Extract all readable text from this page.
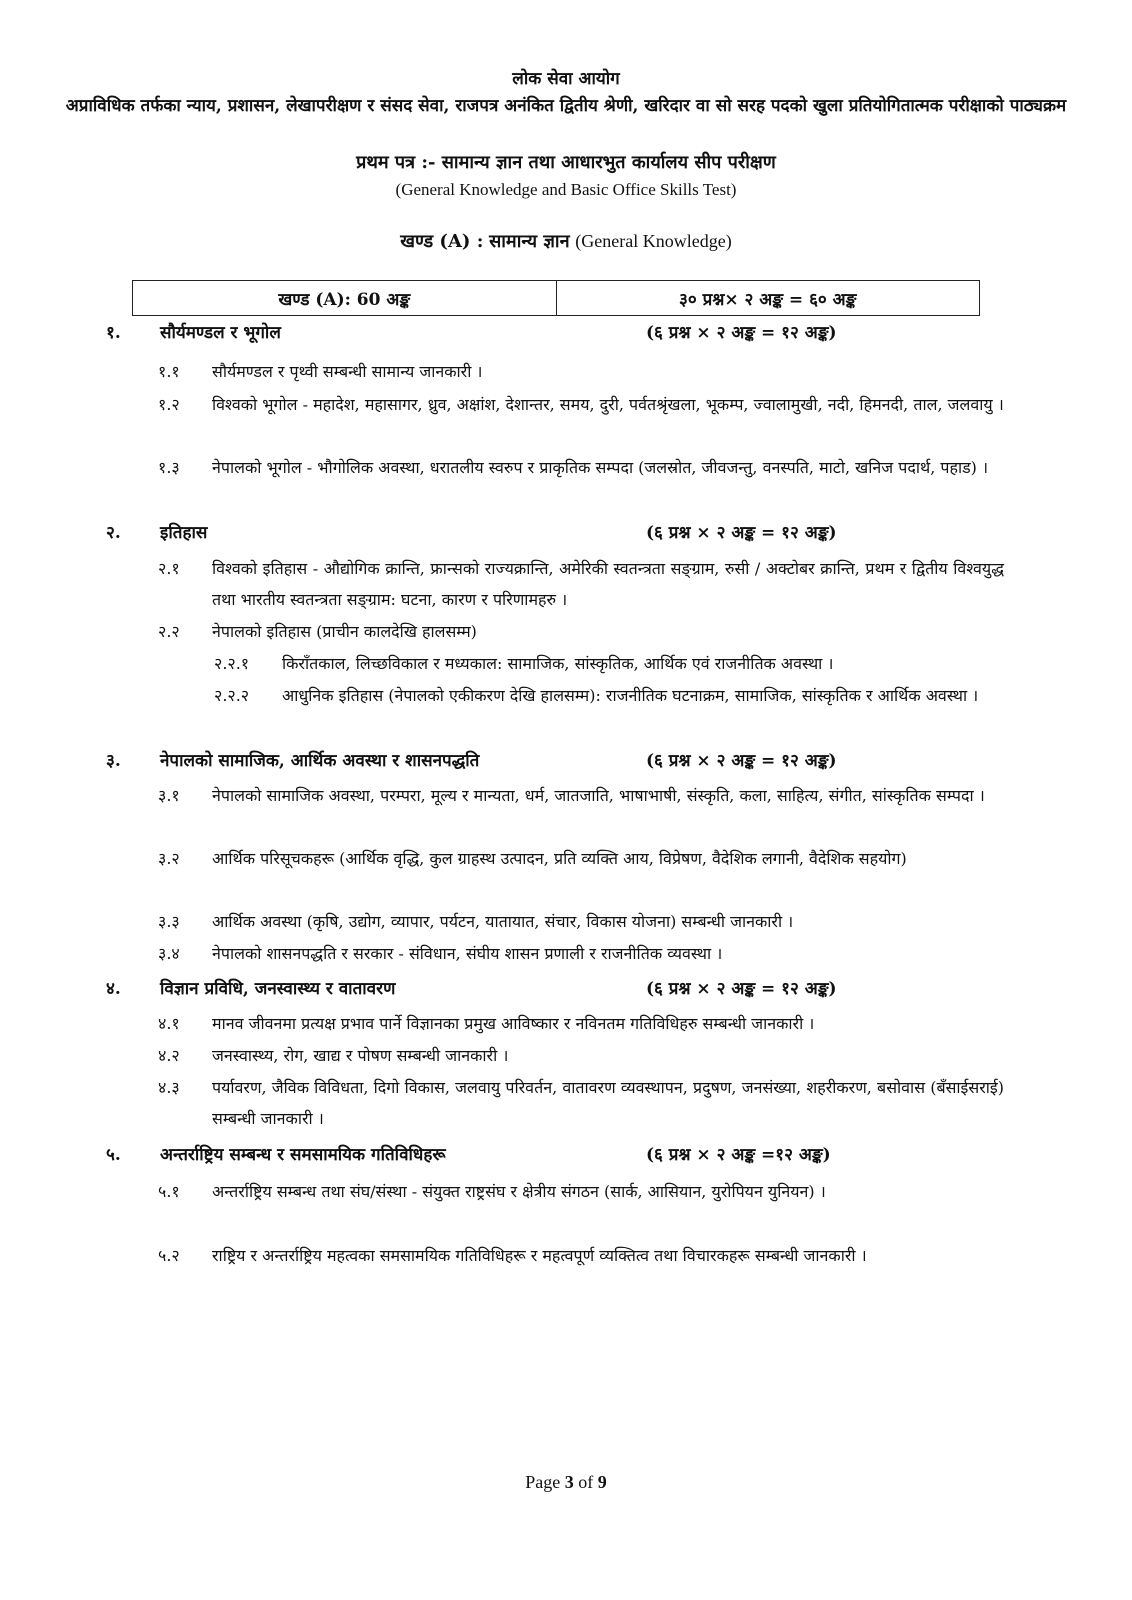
लोक सेवा आयोग
अप्राविधिक तर्फका न्याय, प्रशासन, लेखापरीक्षण र संसद सेवा, राजपत्र अनंकित द्वितीय श्रेणी, खरिदार वा सो सरह पदको खुला प्रतियोगितात्मक परीक्षाको पाठ्यक्रम
प्रथम पत्र :- सामान्य ज्ञान तथा आधारभुत कार्यालय सीप परीक्षण
(General Knowledge and Basic Office Skills Test)
खण्ड (A) : सामान्य ज्ञान (General Knowledge)
खण्ड (A): 60 अङ्क	३० प्रश्न× २ अङ्क = ६० अङ्क
१. सौर्यमण्डल र भूगोल	(६ प्रश्न × २ अङ्क = १२ अङ्क)
१.१ सौर्यमण्डल र पृथ्वी सम्बन्धी सामान्य जानकारी ।
१.२ विश्वको भूगोल - महादेश, महासागर, ध्रुव, अक्षांश, देशान्तर, समय, दुरी, पर्वतश्रृंखला, भूकम्प, ज्वालामुखी, नदी, हिमनदी, ताल, जलवायु ।
१.३ नेपालको भूगोल - भौगोलिक अवस्था, धरातलीय स्वरुप र प्राकृतिक सम्पदा (जलस्रोत, जीवजन्तु, वनस्पति, माटो, खनिज पदार्थ, पहाड) ।
२. इतिहास	(६ प्रश्न × २ अङ्क = १२ अङ्क)
२.१ विश्वको इतिहास - औद्योगिक क्रान्ति, फ्रान्सको राज्यक्रान्ति, अमेरिकी स्वतन्त्रता सङ्ग्राम, रुसी / अक्टोबर क्रान्ति, प्रथम र द्वितीय विश्वयुद्ध तथा भारतीय स्वतन्त्रता सङ्ग्राम: घटना, कारण र परिणामहरु ।
२.२ नेपालको इतिहास (प्राचीन कालदेखि हालसम्म)
२.२.१ किराँतकाल, लिच्छविकाल र मध्यकाल: सामाजिक, सांस्कृतिक, आर्थिक एवं राजनीतिक अवस्था ।
२.२.२ आधुनिक इतिहास (नेपालको एकीकरण देखि हालसम्म): राजनीतिक घटनाक्रम, सामाजिक, सांस्कृतिक र आर्थिक अवस्था ।
३. नेपालको सामाजिक, आर्थिक अवस्था र शासनपद्धति	(६ प्रश्न × २ अङ्क = १२ अङ्क)
३.१ नेपालको सामाजिक अवस्था, परम्परा, मूल्य र मान्यता, धर्म, जातजाति, भाषाभाषी, संस्कृति, कला, साहित्य, संगीत, सांस्कृतिक सम्पदा ।
३.२ आर्थिक परिसूचकहरू (आर्थिक वृद्धि, कुल ग्राहस्थ उत्पादन, प्रति व्यक्ति आय, विप्रेषण, वैदेशिक लगानी, वैदेशिक सहयोग)
३.३ आर्थिक अवस्था (कृषि, उद्योग, व्यापार, पर्यटन, यातायात, संचार, विकास योजना) सम्बन्धी जानकारी ।
३.४ नेपालको शासनपद्धति र सरकार - संविधान, संघीय शासन प्रणाली र राजनीतिक व्यवस्था ।
४. विज्ञान प्रविधि, जनस्वास्थ्य र वातावरण	(६ प्रश्न × २ अङ्क = १२ अङ्क)
४.१ मानव जीवनमा प्रत्यक्ष प्रभाव पार्ने विज्ञानका प्रमुख आविष्कार र नविनतम गतिविधिहरु सम्बन्धी जानकारी ।
४.२ जनस्वास्थ्य, रोग, खाद्य र पोषण सम्बन्धी जानकारी ।
४.३ पर्यावरण, जैविक विविधता, दिगो विकास, जलवायु परिवर्तन, वातावरण व्यवस्थापन, प्रदुषण, जनसंख्या, शहरीकरण, बसोवास (बँसाईसराई) सम्बन्धी जानकारी ।
५. अन्तर्राष्ट्रिय सम्बन्ध र समसामयिक गतिविधिहरू	(६ प्रश्न × २ अङ्क =१२ अङ्क)
५.१ अन्तर्राष्ट्रिय सम्बन्ध तथा संघ/संस्था - संयुक्त राष्ट्रसंघ र क्षेत्रीय संगठन (सार्क, आसियान, युरोपियन युनियन) ।
५.२ राष्ट्रिय र अन्तर्राष्ट्रिय महत्वका समसामयिक गतिविधिहरू र महत्वपूर्ण व्यक्तित्व तथा विचारकहरू सम्बन्धी जानकारी ।
Page 3 of 9
